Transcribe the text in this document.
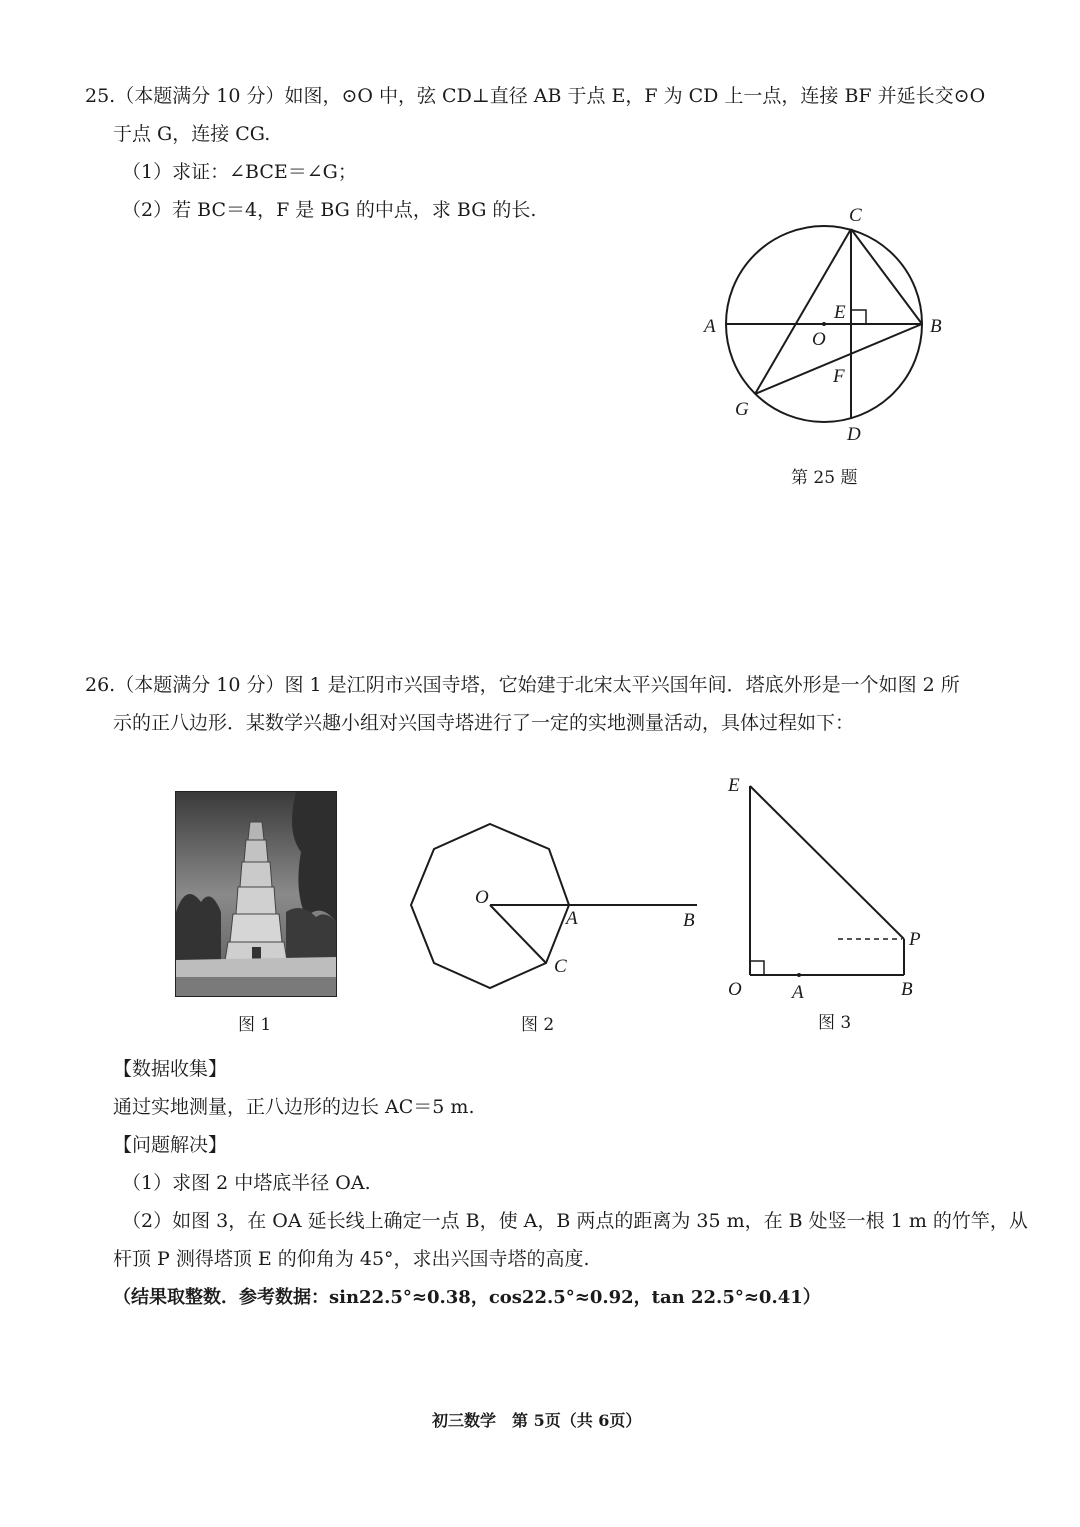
25.（本题满分 10 分）如图，⊙O 中，弦 CD⊥直径 AB 于点 E，F 为 CD 上一点，连接 BF 并延长交⊙O
于点 G，连接 CG.
（1）求证：∠BCE＝∠G；
（2）若 BC＝4，F 是 BG 的中点，求 BG 的长.	C
A	B
E
O
F
G
D
第 25 题
26.（本题满分 10 分）图 1 是江阴市兴国寺塔，它始建于北宋太平兴国年间．塔底外形是一个如图 2 所
示的正八边形．某数学兴趣小组对兴国寺塔进行了一定的实地测量活动，具体过程如下：
图 1
O
A	B
C
图 2
E
P
O	A	B
图 3
【数据收集】
通过实地测量，正八边形的边长 AC＝5 m.
【问题解决】
（1）求图 2 中塔底半径 OA.
（2）如图 3，在 OA 延长线上确定一点 B，使 A，B 两点的距离为 35 m，在 B 处竖一根 1 m 的竹竿，从
杆顶 P 测得塔顶 E 的仰角为 45°，求出兴国寺塔的高度.
（结果取整数．参考数据：sin22.5°≈0.38，cos22.5°≈0.92，tan 22.5°≈0.41）
初三数学　第 5页（共 6页）
